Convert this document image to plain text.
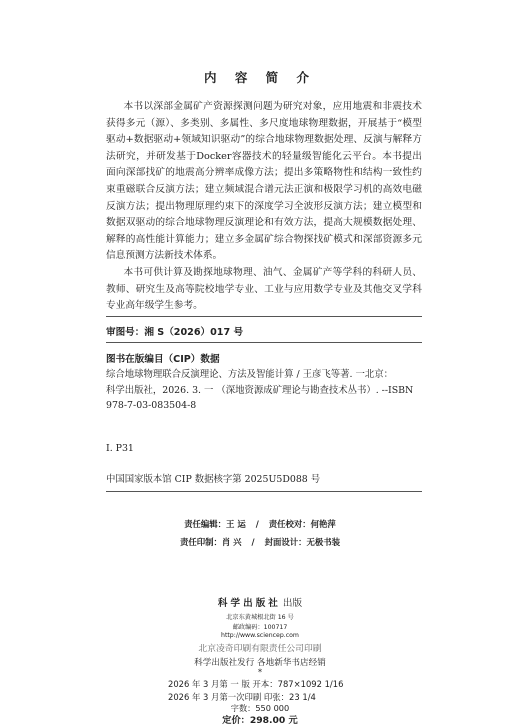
内 容 简 介

本书以深部金属矿产资源探测问题为研究对象，应用地震和非震技术获得多元（源）、多类别、多属性、多尺度地球物理数据，开展基于“模型驱动+数据驱动+领域知识驱动”的综合地球物理数据处理、反演与解释方法研究，并研发基于Docker容器技术的轻量级智能化云平台。本书提出面向深部找矿的地震高分辨率成像方法；提出多策略物性和结构一致性约束重磁联合反演方法；建立频域混合谱元法正演和极限学习机的高效电磁反演方法；提出物理原理约束下的深度学习全波形反演方法；建立模型和数据双驱动的综合地球物理反演理论和有效方法，提高大规模数据处理、解释的高性能计算能力；建立多金属矿综合物探找矿模式和深部资源多元信息预测方法新技术体系。

本书可供计算及勘探地球物理、油气、金属矿产等学科的科研人员、教师、研究生及高等院校地学专业、工业与应用数学专业及其他交叉学科专业高年级学生参考。

审图号：湘 S（2026）017 号
图书在版编目（CIP）数据
综合地球物理联合反演理论、方法及智能计算 / 王彦飞等著. 一北京：
科学出版社，2026. 3. 一 （深地资源成矿理论与勘查技术丛书）. --ISBN
978-7-03-083504-8
Ⅰ. P31
中国国家版本馆 CIP 数据核字第 2025U5D088 号
责任编辑：王 运 / 责任校对：何艳萍
责任印制：肖 兴 / 封面设计：无极书装
科学出版社 出版
北京东黄城根北街 16 号
邮政编码：100717
http://www.sciencep.com
北京凌奇印刷有限责任公司印刷
科学出版社发行 各地新华书店经销
*
2026 年 3 月第 一 版 开本：787×1092 1/16
2026 年 3 月第一次印刷 印张：23 1/4
字数：550 000
定价：298.00 元
